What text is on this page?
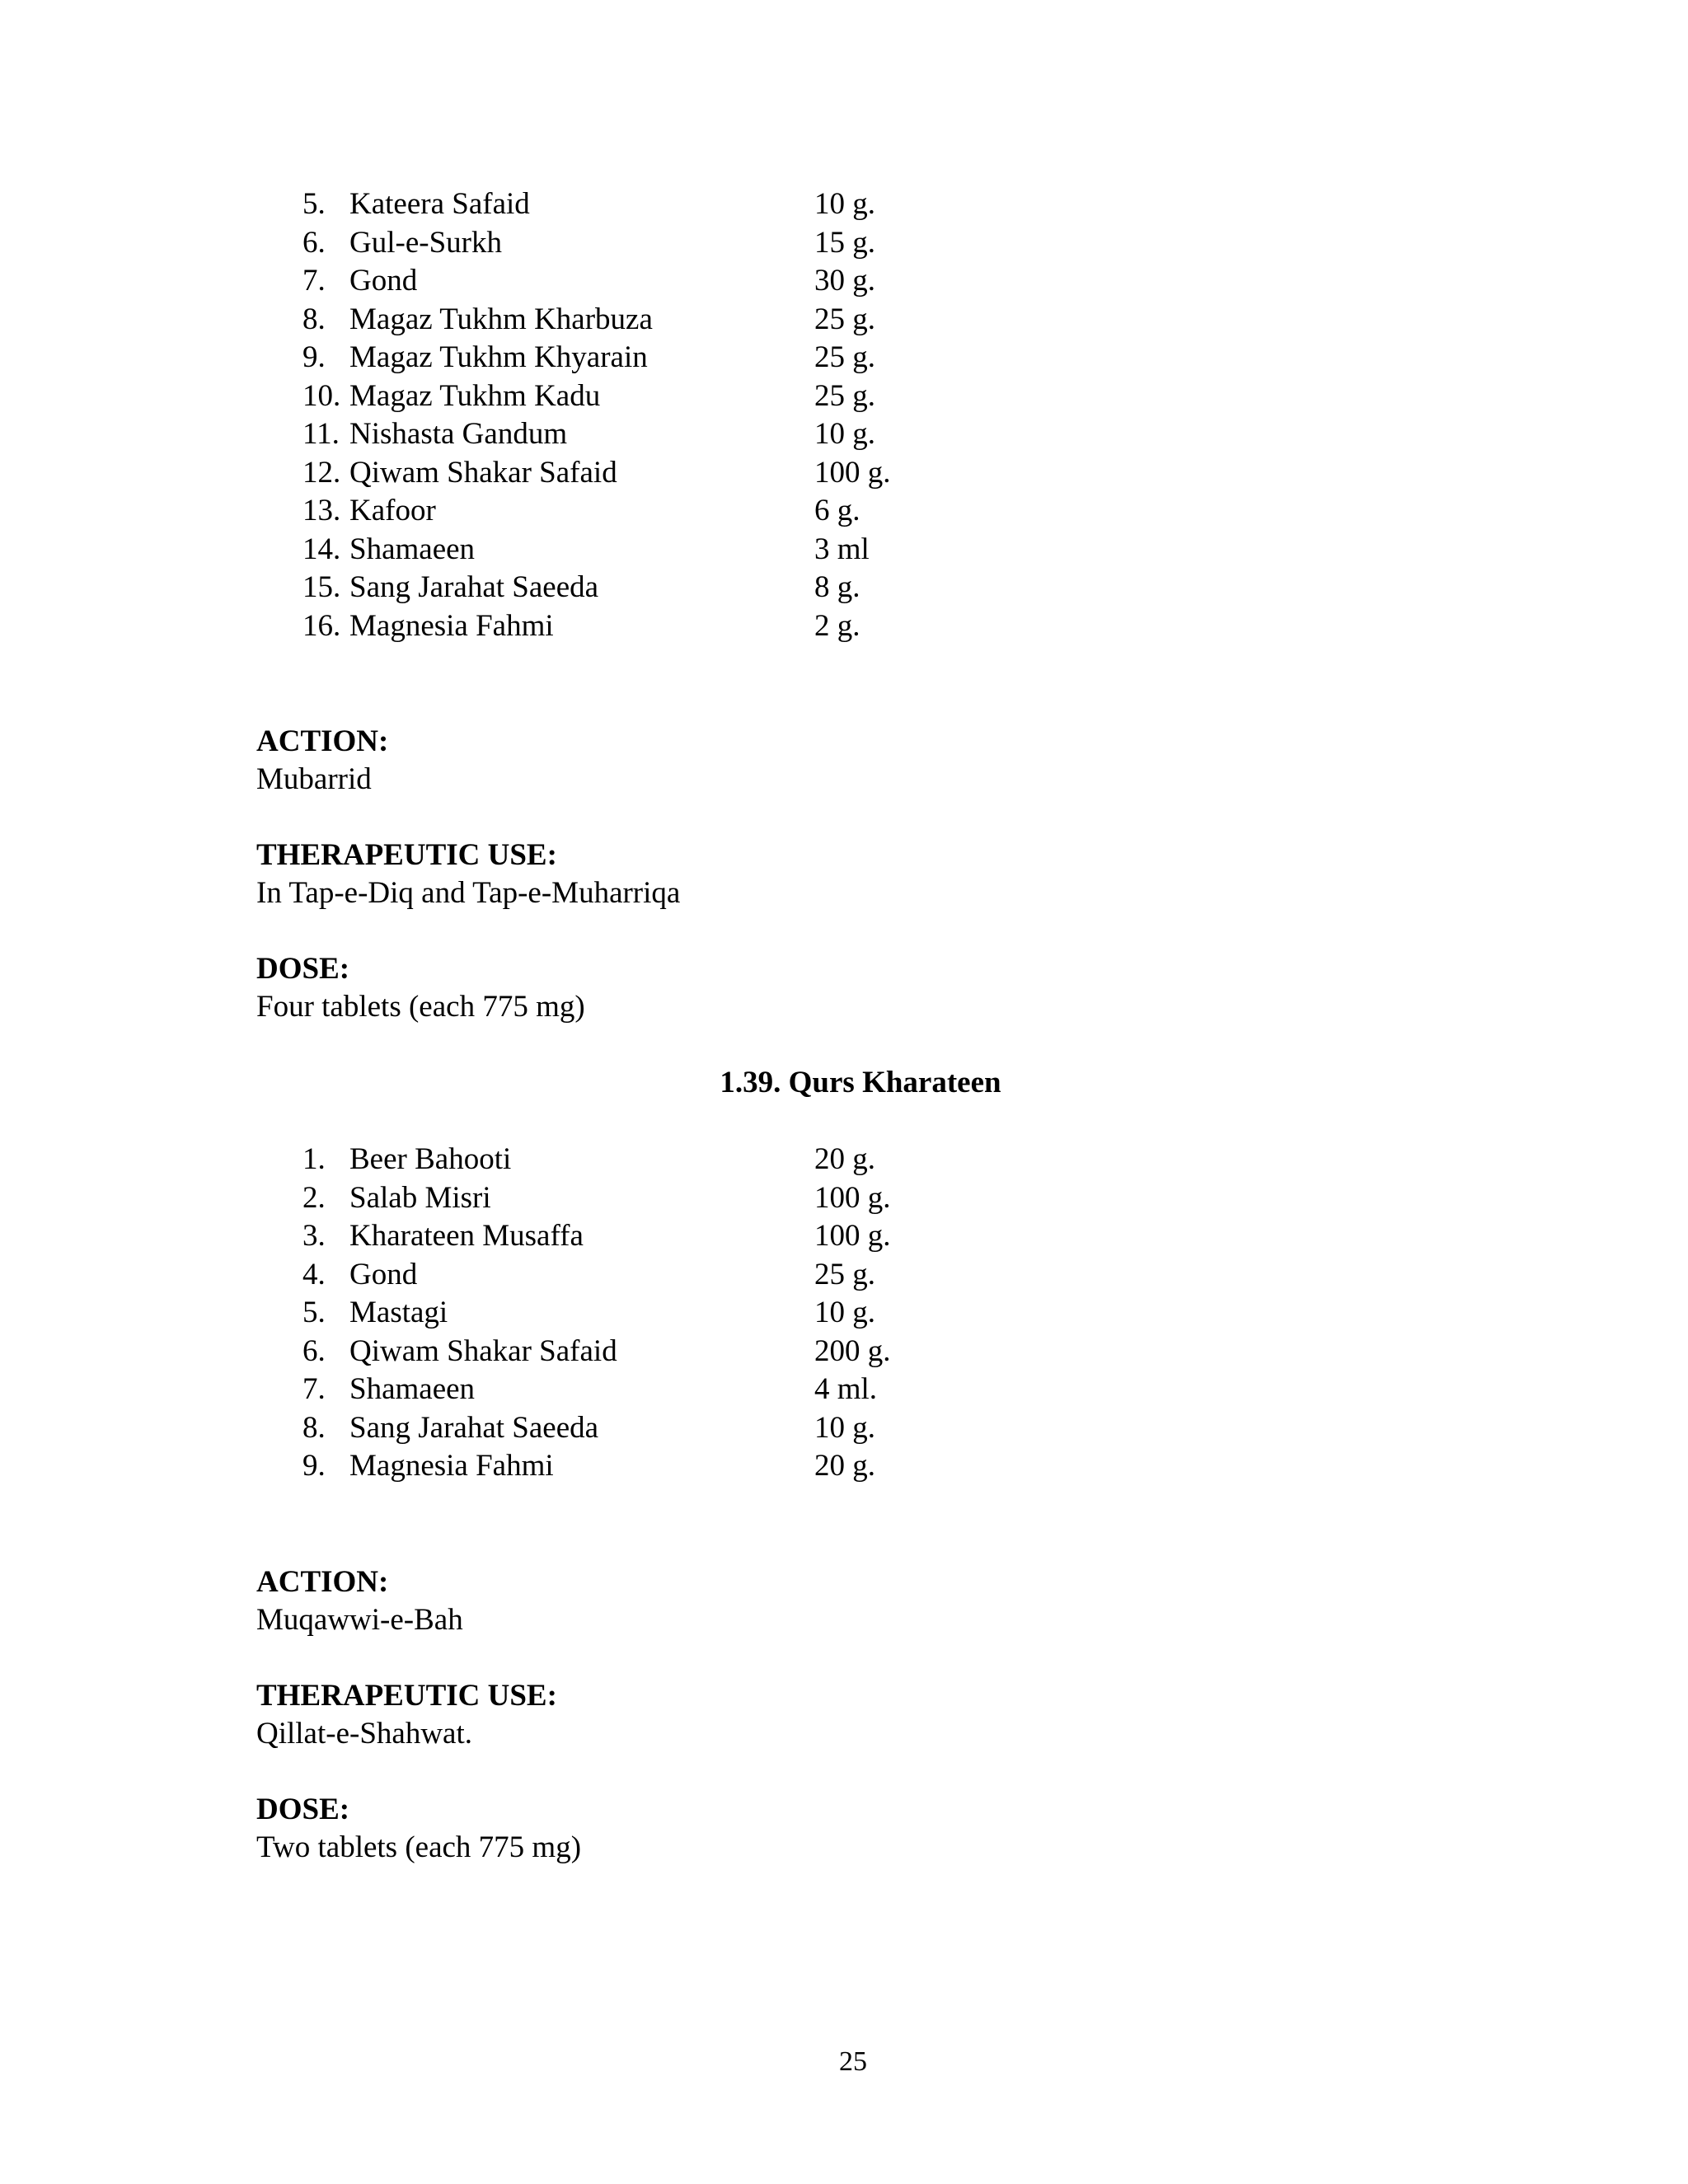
5. Kateera Safaid	10 g.
6. Gul-e-Surkh	15 g.
7. Gond	30 g.
8. Magaz Tukhm Kharbuza	25 g.
9. Magaz Tukhm Khyarain	25 g.
10. Magaz Tukhm Kadu	25 g.
11. Nishasta Gandum	10 g.
12. Qiwam Shakar Safaid	100 g.
13. Kafoor	6 g.
14. Shamaeen	3 ml
15. Sang Jarahat Saeeda	8 g.
16. Magnesia Fahmi	2 g.
ACTION:
Mubarrid
THERAPEUTIC USE:
In Tap-e-Diq and Tap-e-Muharriqa
DOSE:
Four tablets (each 775 mg)
1.39. Qurs Kharateen
1. Beer Bahooti	20 g.
2. Salab Misri	100 g.
3. Kharateen Musaffa	100 g.
4. Gond	25 g.
5. Mastagi	10 g.
6. Qiwam Shakar Safaid	200 g.
7. Shamaeen	4 ml.
8. Sang Jarahat Saeeda	10 g.
9. Magnesia Fahmi	20 g.
ACTION:
Muqawwi-e-Bah
THERAPEUTIC USE:
Qillat-e-Shahwat.
DOSE:
Two tablets (each 775 mg)
25
